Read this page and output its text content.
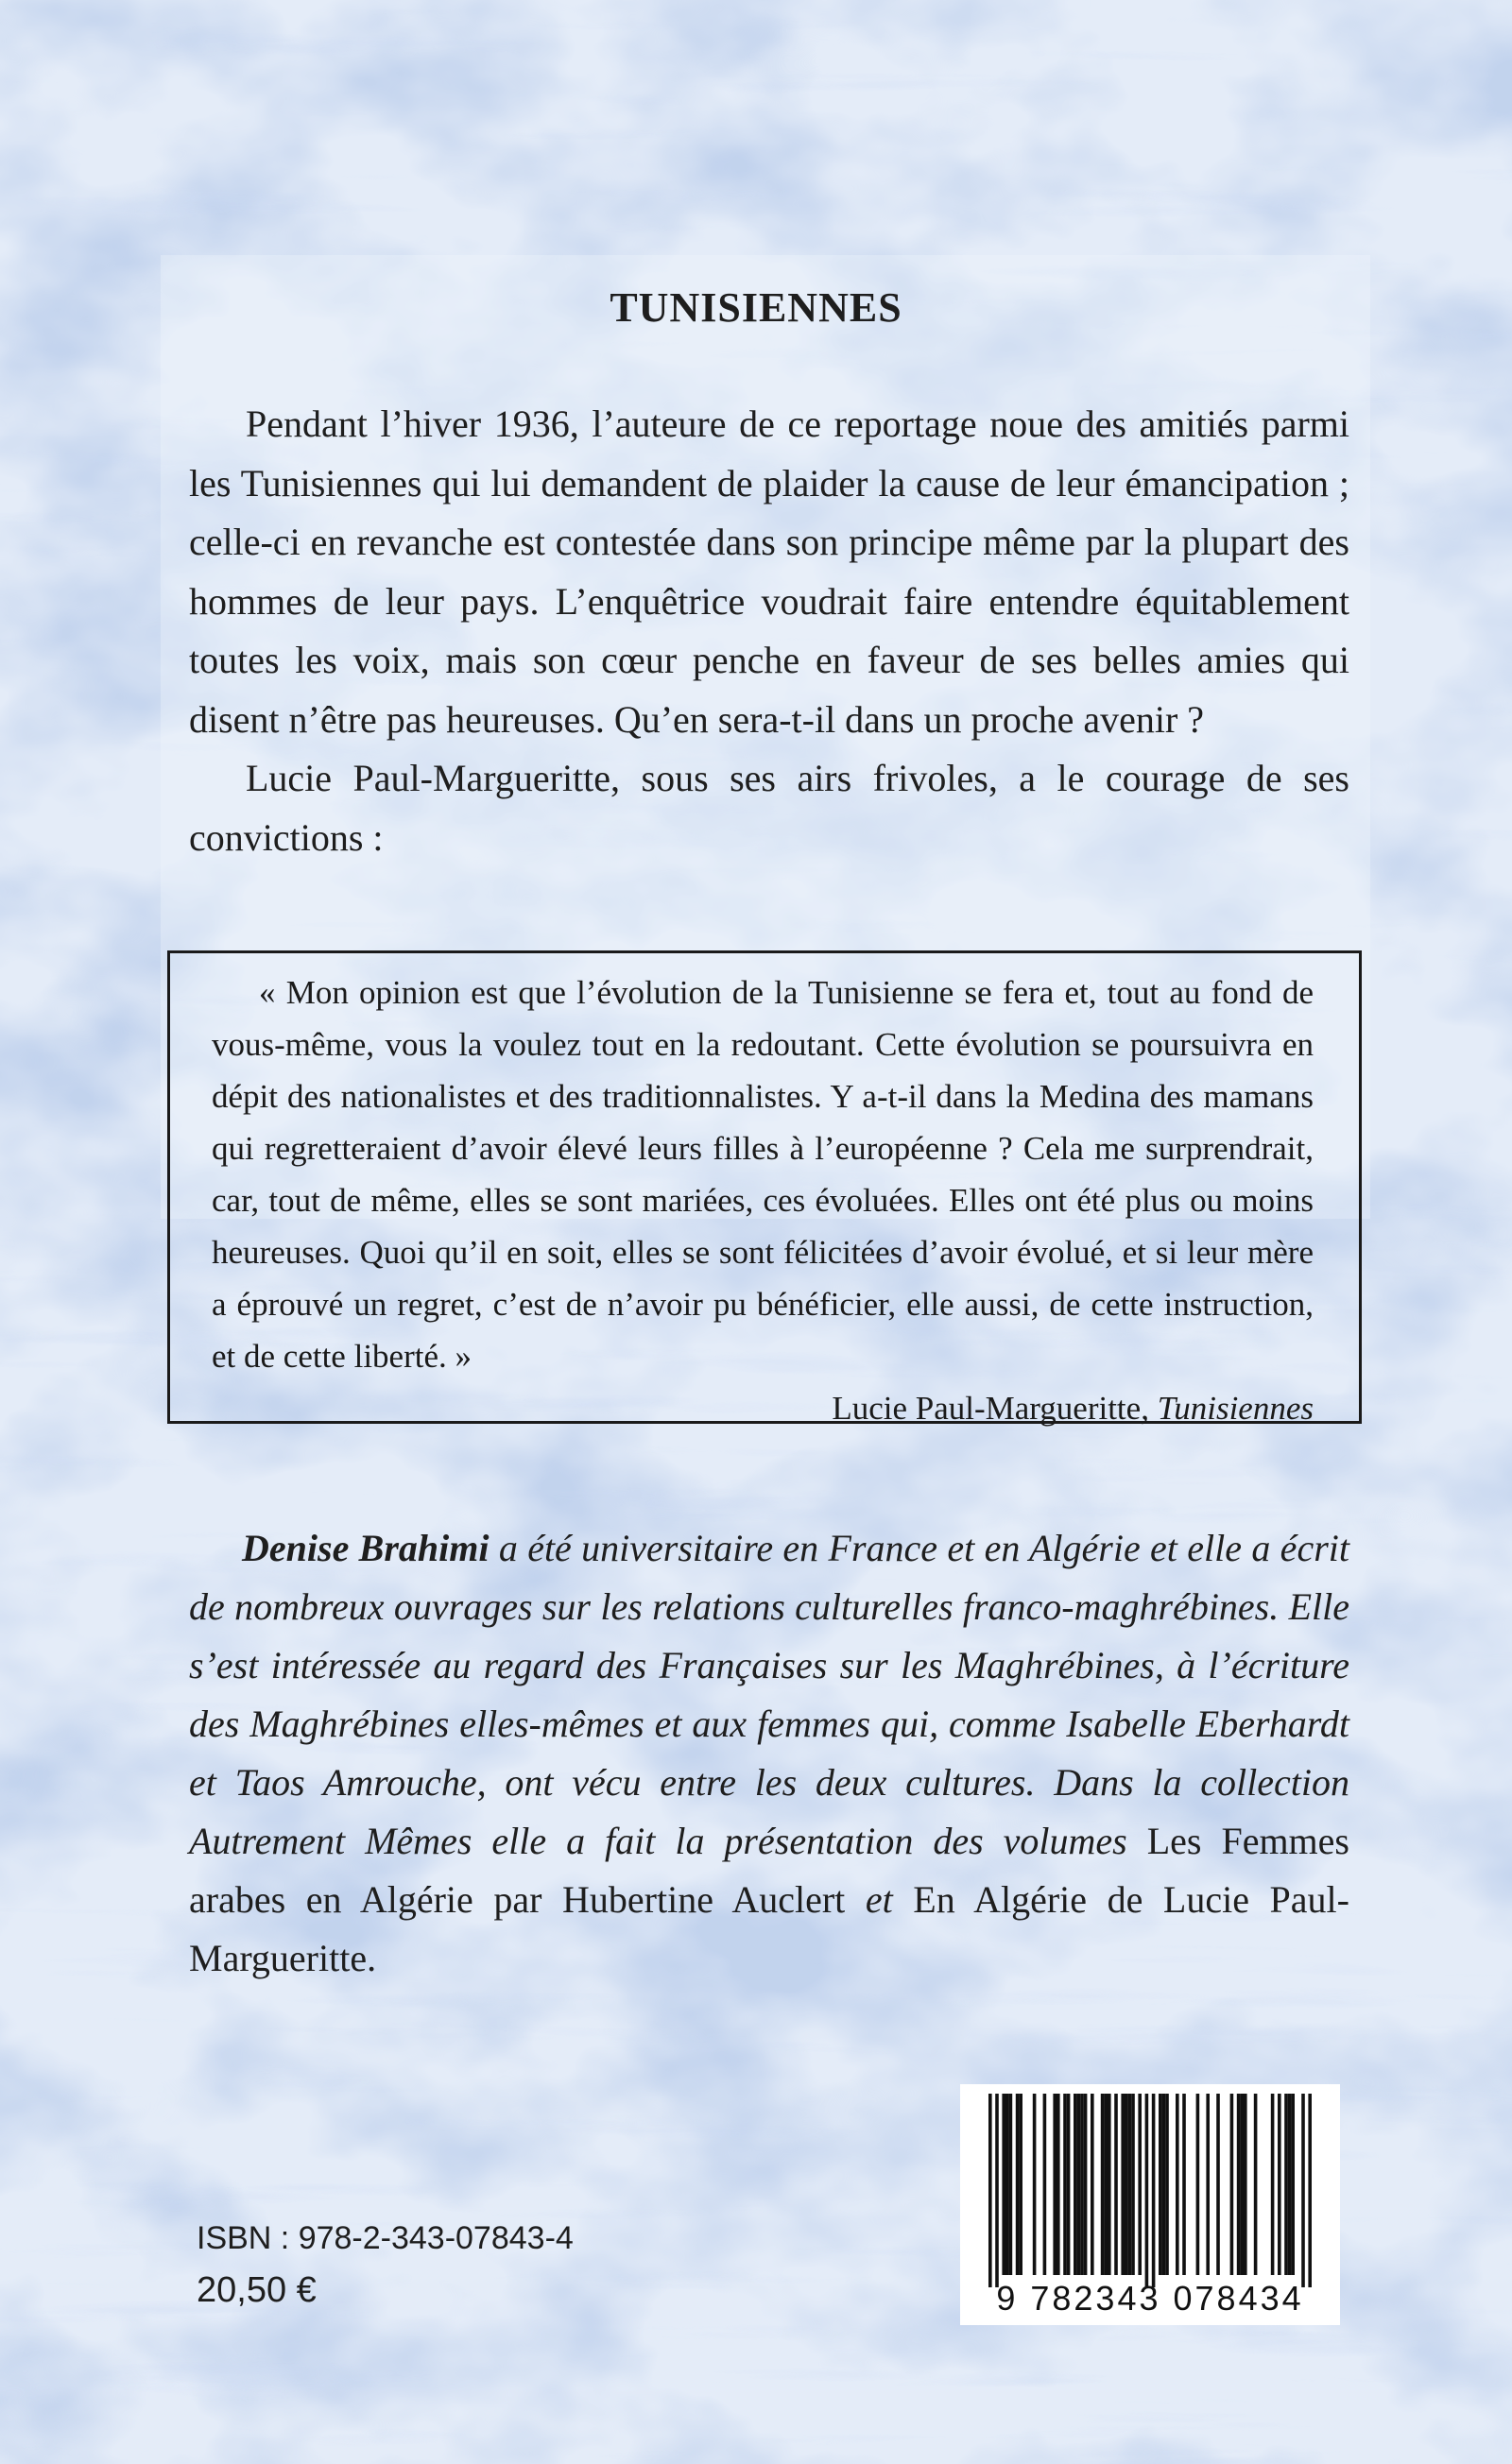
TUNISIENNES

Pendant l’hiver 1936, l’auteure de ce reportage noue des amitiés parmi les Tunisiennes qui lui demandent de plaider la cause de leur émancipation ; celle-ci en revanche est contestée dans son principe même par la plupart des hommes de leur pays. L’enquêtrice voudrait faire entendre équitablement toutes les voix, mais son cœur penche en faveur de ses belles amies qui disent n’être pas heureuses. Qu’en sera-t-il dans un proche avenir ?

Lucie Paul-Margueritte, sous ses airs frivoles, a le courage de ses convictions :

« Mon opinion est que l’évolution de la Tunisienne se fera et, tout au fond de vous-même, vous la voulez tout en la redoutant. Cette évolution se poursuivra en dépit des nationalistes et des traditionnalistes. Y a-t-il dans la Medina des mamans qui regretteraient d’avoir élevé leurs filles à l’européenne ? Cela me surprendrait, car, tout de même, elles se sont mariées, ces évoluées. Elles ont été plus ou moins heureuses. Quoi qu’il en soit, elles se sont félicitées d’avoir évolué, et si leur mère a éprouvé un regret, c’est de n’avoir pu bénéficier, elle aussi, de cette instruction, et de cette liberté. »

Lucie Paul-Margueritte, Tunisiennes

Denise Brahimi a été universitaire en France et en Algérie et elle a écrit de nombreux ouvrages sur les relations culturelles franco-maghrébines. Elle s’est intéressée au regard des Françaises sur les Maghrébines, à l’écriture des Maghrébines elles-mêmes et aux femmes qui, comme Isabelle Eberhardt et Taos Amrouche, ont vécu entre les deux cultures. Dans la collection Autrement Mêmes elle a fait la présentation des volumes Les Femmes arabes en Algérie par Hubertine Auclert et En Algérie de Lucie Paul-Margueritte.
ISBN : 978-2-343-07843-4
20,50 €	9 782343 078434
